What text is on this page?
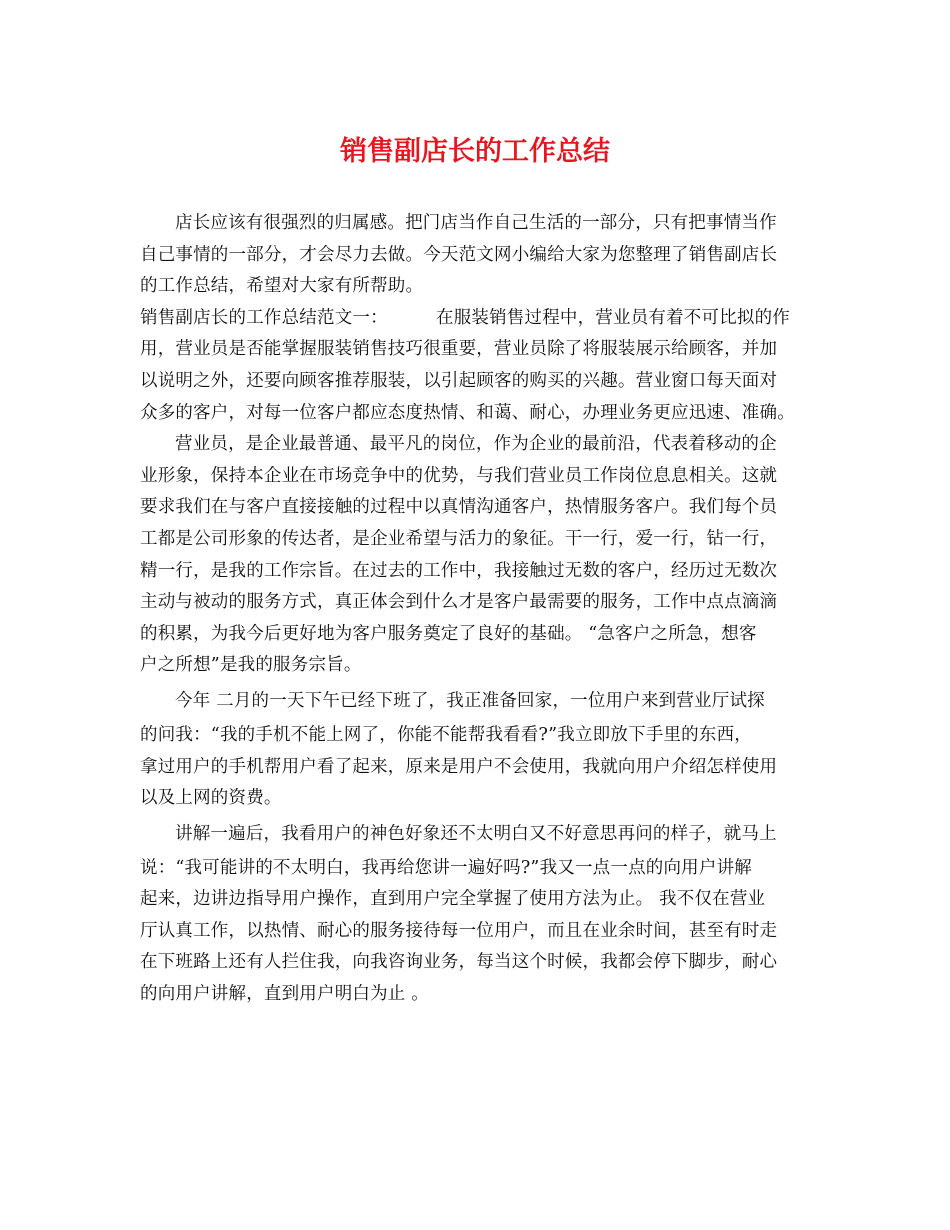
销售副店长的工作总结
店长应该有很强烈的归属感。把门店当作自己生活的一部分，只有把事情当作
自己事情的一部分，才会尽力去做。今天范文网小编给大家为您整理了销售副店长
的工作总结，希望对大家有所帮助。
销售副店长的工作总结范文一：	在服装销售过程中，营业员有着不可比拟的作
用，营业员是否能掌握服装销售技巧很重要，营业员除了将服装展示给顾客，并加
以说明之外，还要向顾客推荐服装，以引起顾客的购买的兴趣。营业窗口每天面对
众多的客户，对每一位客户都应态度热情、和蔼、耐心，办理业务更应迅速、准确。
营业员，是企业最普通、最平凡的岗位，作为企业的最前沿，代表着移动的企
业形象，保持本企业在市场竞争中的优势，与我们营业员工作岗位息息相关。这就
要求我们在与客户直接接触的过程中以真情沟通客户，热情服务客户。我们每个员
工都是公司形象的传达者，是企业希望与活力的象征。干一行，爱一行，钻一行，
精一行，是我的工作宗旨。在过去的工作中，我接触过无数的客户，经历过无数次
主动与被动的服务方式，真正体会到什么才是客户最需要的服务，工作中点点滴滴
的积累，为我今后更好地为客户服务奠定了良好的基础。 “急客户之所急，想客
户之所想”是我的服务宗旨。
今年 二月的一天下午已经下班了，我正准备回家，一位用户来到营业厅试探
的问我：“我的手机不能上网了，你能不能帮我看看?”我立即放下手里的东西，
拿过用户的手机帮用户看了起来，原来是用户不会使用，我就向用户介绍怎样使用
以及上网的资费。
讲解一遍后，我看用户的神色好象还不太明白又不好意思再问的样子，就马上
说：“我可能讲的不太明白，我再给您讲一遍好吗?”我又一点一点的向用户讲解
起来，边讲边指导用户操作，直到用户完全掌握了使用方法为止。 我不仅在营业
厅认真工作，以热情、耐心的服务接待每一位用户，而且在业余时间，甚至有时走
在下班路上还有人拦住我，向我咨询业务，每当这个时候，我都会停下脚步，耐心
的向用户讲解，直到用户明白为止 。
